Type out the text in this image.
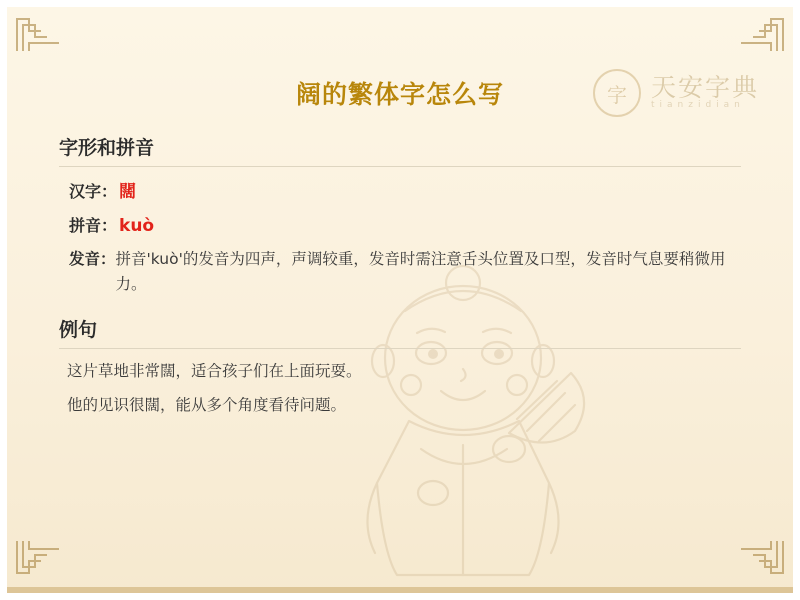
字 天安字典
tianzidian
阔的繁体字怎么写
字形和拼音
汉字： 闊
拼音： kuò
发音： 拼音'kuò'的发音为四声，声调较重，发音时需注意舌头位置及口型，发音时气息要稍微用力。
例句
这片草地非常闊，适合孩子们在上面玩耍。
他的见识很闊，能从多个角度看待问题。
